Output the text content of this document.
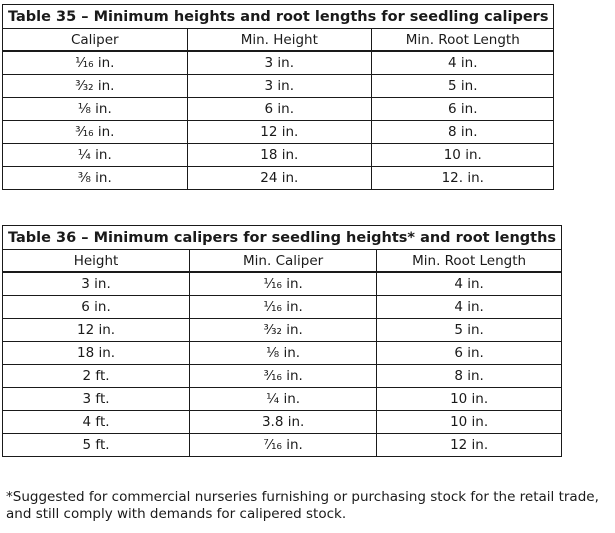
Table 35 – Minimum heights and root lengths for seedling calipers
Caliper	Min. Height	Min. Root Length
¹⁄₁₆ in.	3 in.	4 in.
³⁄₃₂ in.	3 in.	5 in.
¹⁄₈ in.	6 in.	6 in.
³⁄₁₆ in.	12 in.	8 in.
¼ in.	18 in.	10 in.
³⁄₈ in.	24 in.	12. in.
Table 36 – Minimum calipers for seedling heights* and root lengths
Height	Min. Caliper	Min. Root Length
3 in.	¹⁄₁₆ in.	4 in.
6 in.	¹⁄₁₆ in.	4 in.
12 in.	³⁄₃₂ in.	5 in.
18 in.	¹⁄₈ in.	6 in.
2 ft.	³⁄₁₆ in.	8 in.
3 ft.	¼ in.	10 in.
4 ft.	3.8 in.	10 in.
5 ft.	⁷⁄₁₆ in.	12 in.
*Suggested for commercial nurseries furnishing or purchasing stock for the retail trade, and still comply with demands for calipered stock.
